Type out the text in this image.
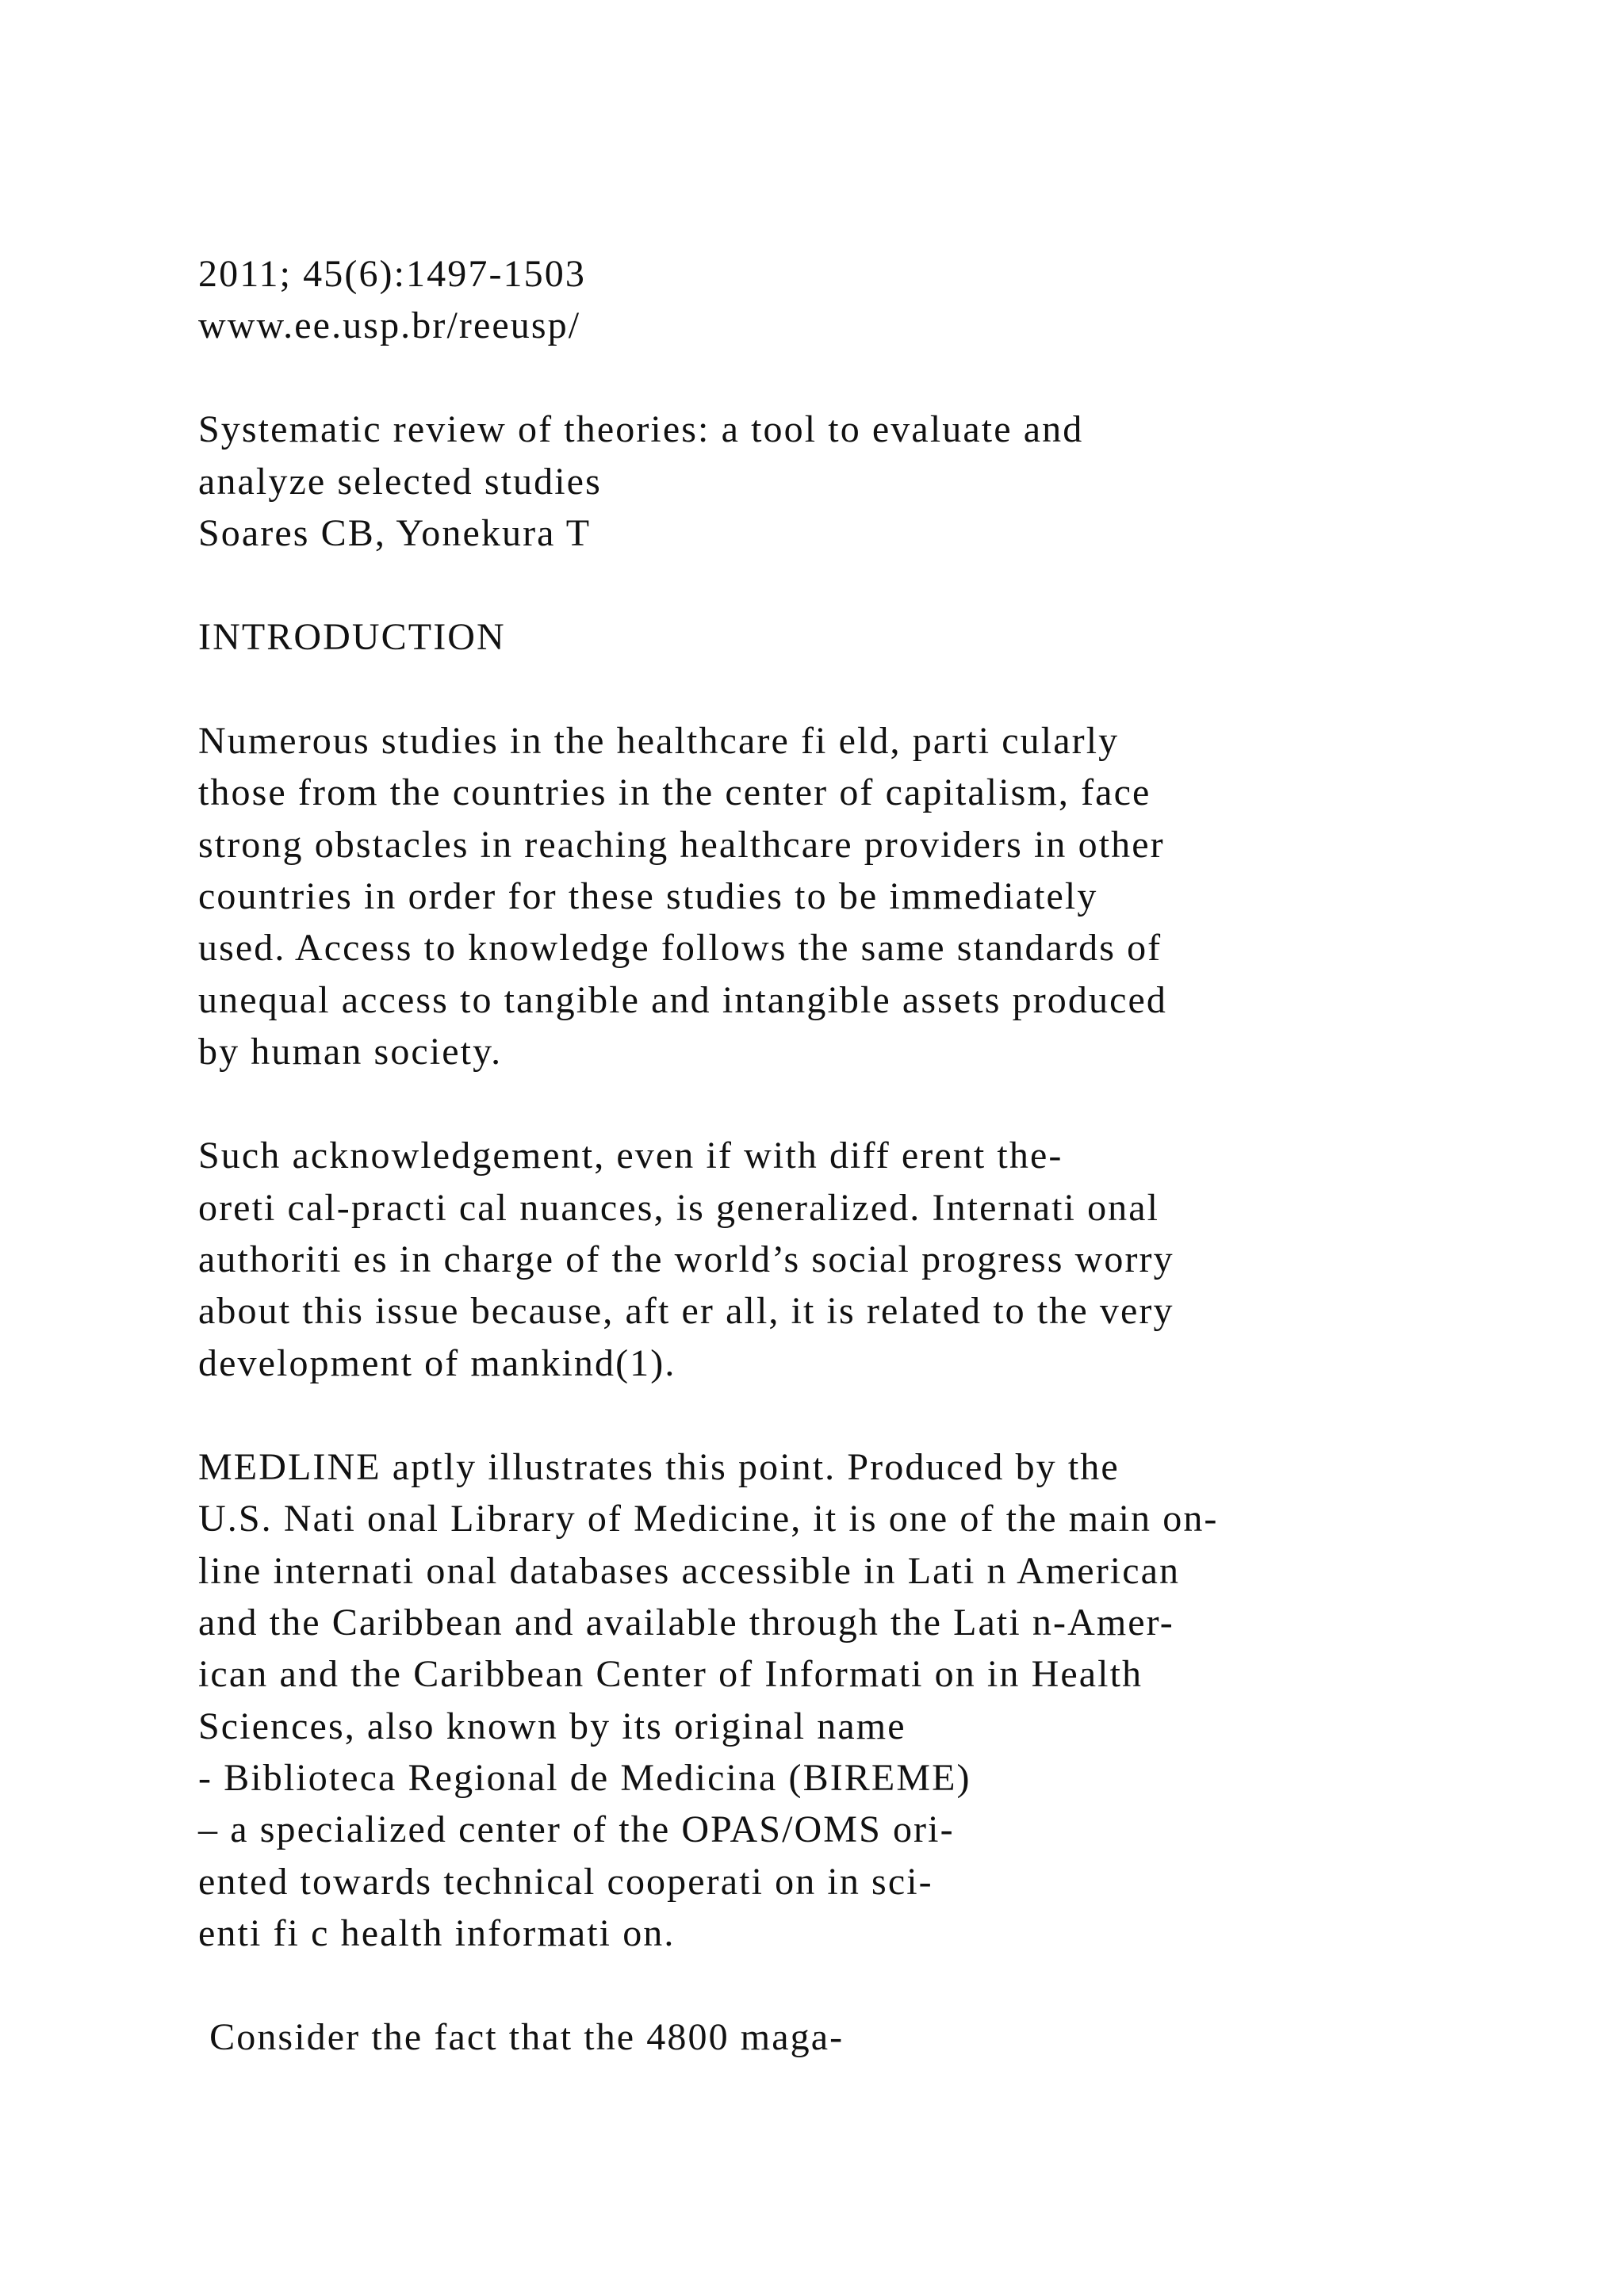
2011; 45(6):1497-1503
www.ee.usp.br/reeusp/
Systematic review of theories: a tool to evaluate and
analyze selected studies
Soares CB, Yonekura T
INTRODUCTION
Numerous studies in the healthcare fi eld, parti cularly
those from the countries in the center of capitalism, face
strong obstacles in reaching healthcare providers in other
countries in order for these studies to be immediately
used. Access to knowledge follows the same standards of
unequal access to tangible and intangible assets produced
by human society.
Such acknowledgement, even if with diff erent the-
oreti cal-practi cal nuances, is generalized. Internati onal
authoriti es in charge of the world’s social progress worry
about this issue because, aft er all, it is related to the very
development of mankind(1).
MEDLINE aptly illustrates this point. Produced by the
U.S. Nati onal Library of Medicine, it is one of the main on-
line internati onal databases accessible in Lati n American
and the Caribbean and available through the Lati n-Amer-
ican and the Caribbean Center of Informati on in Health
Sciences, also known by its original name
- Biblioteca Regional de Medicina (BIREME)
– a specialized center of the OPAS/OMS ori-
ented towards technical cooperati on in sci-
enti fi c health informati on.
Consider the fact that the 4800 maga-
